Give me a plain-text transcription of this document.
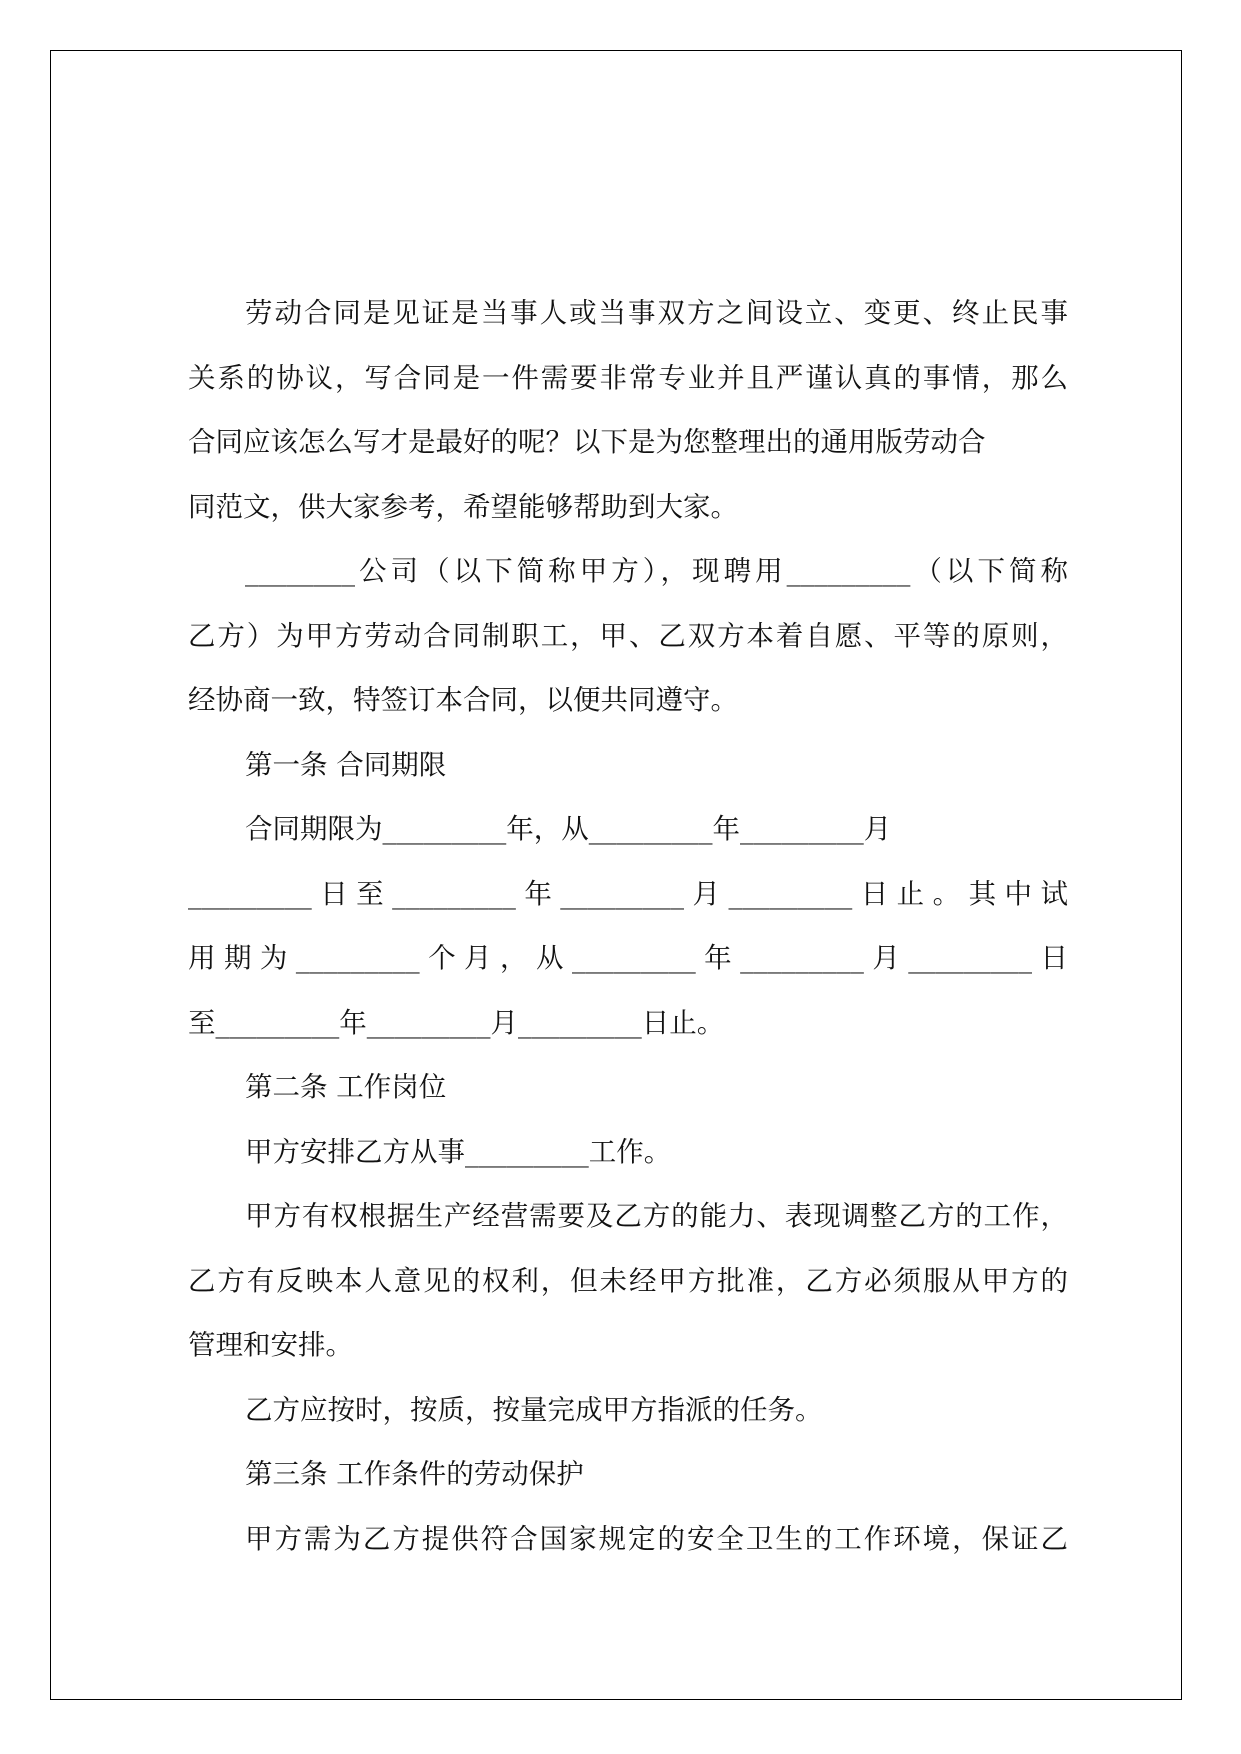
劳动合同是见证是当事人或当事双方之间设立、变更、终止民事
关系的协议，写合同是一件需要非常专业并且严谨认真的事情，那么
合同应该怎么写才是最好的呢？以下是为您整理出的通用版劳动合
同范文，供大家参考，希望能够帮助到大家。
________公司（以下简称甲方），现聘用_________（以下简称
乙方）为甲方劳动合同制职工，甲、乙双方本着自愿、平等的原则，
经协商一致，特签订本合同，以便共同遵守。
第一条 合同期限
合同期限为_________年，从_________年_________月
_________日至_________年_________月_________日止。其中试
用期为_________个月，从_________年_________月_________日
至_________年_________月_________日止。
第二条 工作岗位
甲方安排乙方从事_________工作。
甲方有权根据生产经营需要及乙方的能力、表现调整乙方的工作，
乙方有反映本人意见的权利，但未经甲方批准，乙方必须服从甲方的
管理和安排。
乙方应按时，按质，按量完成甲方指派的任务。
第三条 工作条件的劳动保护
甲方需为乙方提供符合国家规定的安全卫生的工作环境，保证乙
